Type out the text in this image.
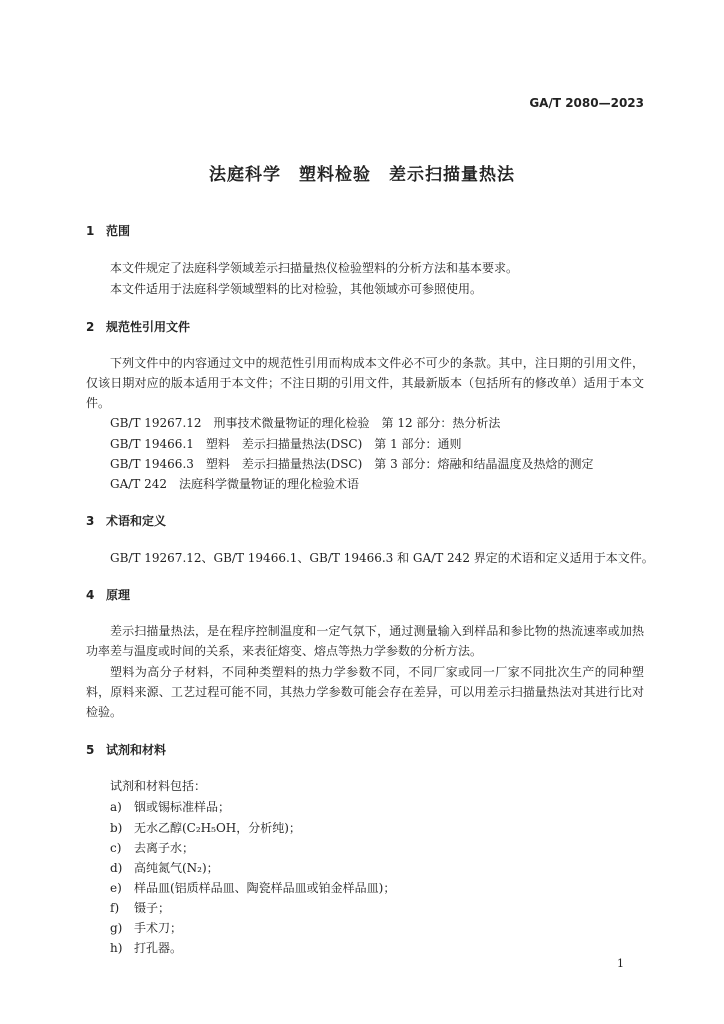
GA/T 2080—2023
法庭科学　塑料检验　差示扫描量热法
1 范围
本文件规定了法庭科学领域差示扫描量热仪检验塑料的分析方法和基本要求。
本文件适用于法庭科学领域塑料的比对检验，其他领域亦可参照使用。
2 规范性引用文件
下列文件中的内容通过文中的规范性引用而构成本文件必不可少的条款。其中，注日期的引用文件，仅该日期对应的版本适用于本文件；不注日期的引用文件，其最新版本（包括所有的修改单）适用于本文件。
GB/T 19267.12　刑事技术微量物证的理化检验　第 12 部分：热分析法
GB/T 19466.1　塑料　差示扫描量热法(DSC)　第 1 部分：通则
GB/T 19466.3　塑料　差示扫描量热法(DSC)　第 3 部分：熔融和结晶温度及热焓的测定
GA/T 242　法庭科学微量物证的理化检验术语
3 术语和定义
GB/T 19267.12、GB/T 19466.1、GB/T 19466.3 和 GA/T 242 界定的术语和定义适用于本文件。
4 原理
差示扫描量热法，是在程序控制温度和一定气氛下，通过测量输入到样品和参比物的热流速率或加热功率差与温度或时间的关系，来表征熔变、熔点等热力学参数的分析方法。
塑料为高分子材料，不同种类塑料的热力学参数不同，不同厂家或同一厂家不同批次生产的同种塑料，原料来源、工艺过程可能不同，其热力学参数可能会存在差异，可以用差示扫描量热法对其进行比对检验。
5 试剂和材料
试剂和材料包括：
a) 铟或锡标准样品；
b) 无水乙醇(C₂H₅OH，分析纯)；
c) 去离子水；
d) 高纯氮气(N₂)；
e) 样品皿(铝质样品皿、陶瓷样品皿或铂金样品皿)；
f) 镊子；
g) 手术刀；
h) 打孔器。
1
